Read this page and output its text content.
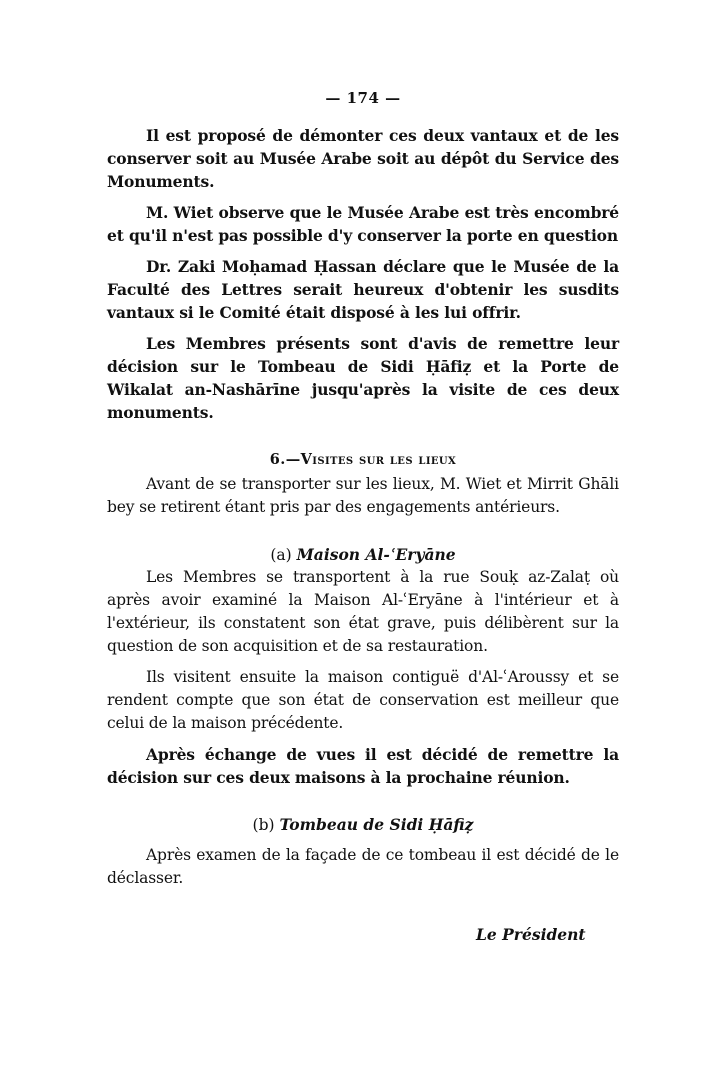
— 174 —

Il est proposé de démonter ces deux vantaux et de les conserver soit au Musée Arabe soit au dépôt du Service des Monuments.

M. Wiet observe que le Musée Arabe est très encombré et qu'il n'est pas possible d'y conserver la porte en question

Dr. Zaki Moḥamad Ḥassan déclare que le Musée de la Faculté des Lettres serait heureux d'obtenir les susdits vantaux si le Comité était disposé à les lui offrir.

Les Membres présents sont d'avis de remettre leur décision sur le Tombeau de Sidi Ḥāfiẓ et la Porte de Wikalat an-Nashārīne jusqu'après la visite de ces deux monuments.

6.—Visites sur les lieux

Avant de se transporter sur les lieux, M. Wiet et Mirrit Ghāli bey se retirent étant pris par des engagements antérieurs.

(a) Maison Al-ʿEryāne

Les Membres se transportent à la rue Souḳ az-Zalaṭ où après avoir examiné la Maison Al-ʿEryāne à l'intérieur et à l'extérieur, ils constatent son état grave, puis délibèrent sur la question de son acquisition et de sa restauration.

Ils visitent ensuite la maison contiguë d'Al-ʿAroussy et se rendent compte que son état de conservation est meilleur que celui de la maison précédente.

Après échange de vues il est décidé de remettre la décision sur ces deux maisons à la prochaine réunion.

(b) Tombeau de Sidi Ḥāfiẓ

Après examen de la façade de ce tombeau il est décidé de le déclasser.

Le Président
